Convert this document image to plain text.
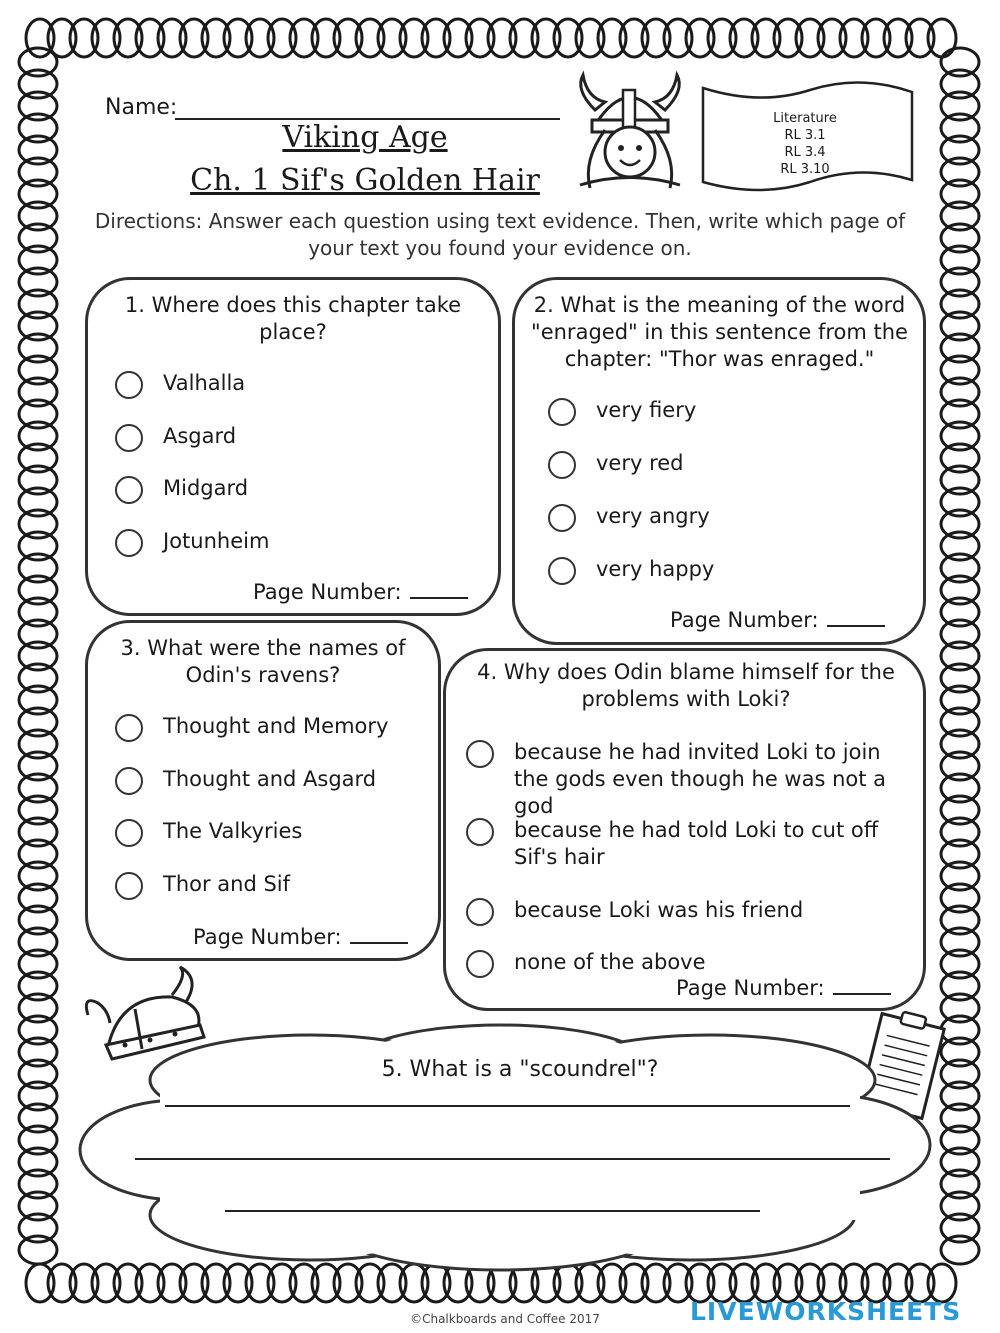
Name:
Viking Age
Ch. 1 Sif's Golden Hair
Literature
RL 3.1
RL 3.4
RL 3.10
Directions: Answer each question using text evidence. Then, write which page of your text you found your evidence on.
1. Where does this chapter take place?
Valhalla
Asgard
Midgard
Jotunheim
Page Number:
2. What is the meaning of the word "enraged" in this sentence from the chapter: "Thor was enraged."
very fiery
very red
very angry
very happy
Page Number:
3. What were the names of Odin's ravens?
Thought and Memory
Thought and Asgard
The Valkyries
Thor and Sif
Page Number:
4. Why does Odin blame himself for the problems with Loki?
because he had invited Loki to join the gods even though he was not a god
because he had told Loki to cut off Sif's hair
because Loki was his friend
none of the above
Page Number:
5. What is a "scoundrel"?
©Chalkboards and Coffee 2017	LIVEWORKSHEETS
